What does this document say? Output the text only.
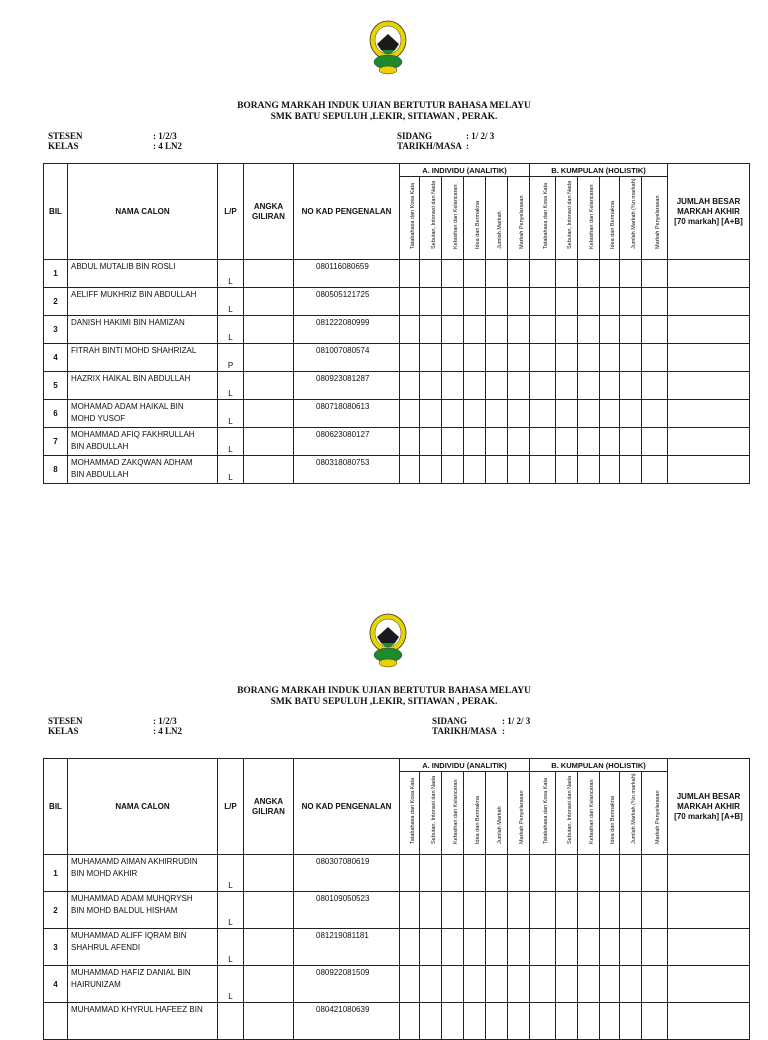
BORANG MARKAH INDUK UJIAN BERTUTUR BAHASA MELAYU
SMK BATU SEPULUH ,LEKIR, SITIAWAN , PERAK.
STESEN	: 1/2/3
KELAS	: 4 LN2
SIDANG	: 1/ 2/ 3
TARIKH/MASA :
BIL	NAMA CALON	L/P	ANGKA GILIRAN	NO KAD PENGENALAN	A. INDIVIDU (ANALITIK)						B. KUMPULAN (HOLISTIK)						JUMLAH BESAR MARKAH AKHIR [70 markah] [A+B]

					Tatabahasa dan Kosa Kata	Sebutan, Intonasi dan Nada	Kefasihan dan Kelancaran	Idea dan Bermakna	Jumlah Markah	Markah Penyelarasan	Tatabahasa dan Kosa Kata	Sebutan, Intonasi dan Nada	Kefasihan dan Kelancaran	Idea dan Bermakna	Jumlah Markah (%n markah)	Markah Penyelarasan	

1	ABDUL MUTALIB BIN ROSLI	L		080116080659													
2	AELIFF MUKHRIZ BIN ABDULLAH	L		080505121725													
3	DANISH HAKIMI BIN HAMIZAN	L		081222080999													
4	FITRAH BINTI MOHD SHAHRIZAL	P		081007080574													
5	HAZRIX HAIKAL BIN ABDULLAH	L		080923081287													
6	MOHAMAD ADAM HAIKAL BIN
MOHD YUSOF	L		080718080613													
7	MOHAMMAD AFIQ FAKHRULLAH
BIN ABDULLAH	L		080623080127													
8	MOHAMMAD ZAKQWAN ADHAM
BIN ABDULLAH	L		080318080753													
BORANG MARKAH INDUK UJIAN BERTUTUR BAHASA MELAYU
SMK BATU SEPULUH ,LEKIR, SITIAWAN , PERAK.
STESEN	: 1/2/3
KELAS	: 4 LN2
SIDANG	: 1/ 2/ 3
TARIKH/MASA :
BIL	NAMA CALON	L/P	ANGKA GILIRAN	NO KAD PENGENALAN	A. INDIVIDU (ANALITIK)						B. KUMPULAN (HOLISTIK)						JUMLAH BESAR MARKAH AKHIR [70 markah] [A+B]

					Tatabahasa dan Kosa Kata	Sebutan, Intonasi dan Nada	Kefasihan dan Kelancaran	Idea dan Bermakna	Jumlah Markah	Markah Penyelarasan	Tatabahasa dan Kosa Kata	Sebutan, Intonasi dan Nada	Kefasihan dan Kelancaran	Idea dan Bermakna	Jumlah Markah (%n markah)	Markah Penyelarasan	

1	MUHAMAMD AIMAN AKHIRRUDIN
BIN MOHD AKHIR	L		080307080619													
2	MUHAMMAD ADAM MUHQRYSH
BIN MOHD BALDUL HISHAM	L		080109050523													
3	MUHAMMAD ALIFF IQRAM BIN
SHAHRUL AFENDI	L		081219081181													
4	MUHAMMAD HAFIZ DANIAL BIN
HAIRUNIZAM	L		080922081509													

	MUHAMMAD KHYRUL HAFEEZ BIN			080421080639													
